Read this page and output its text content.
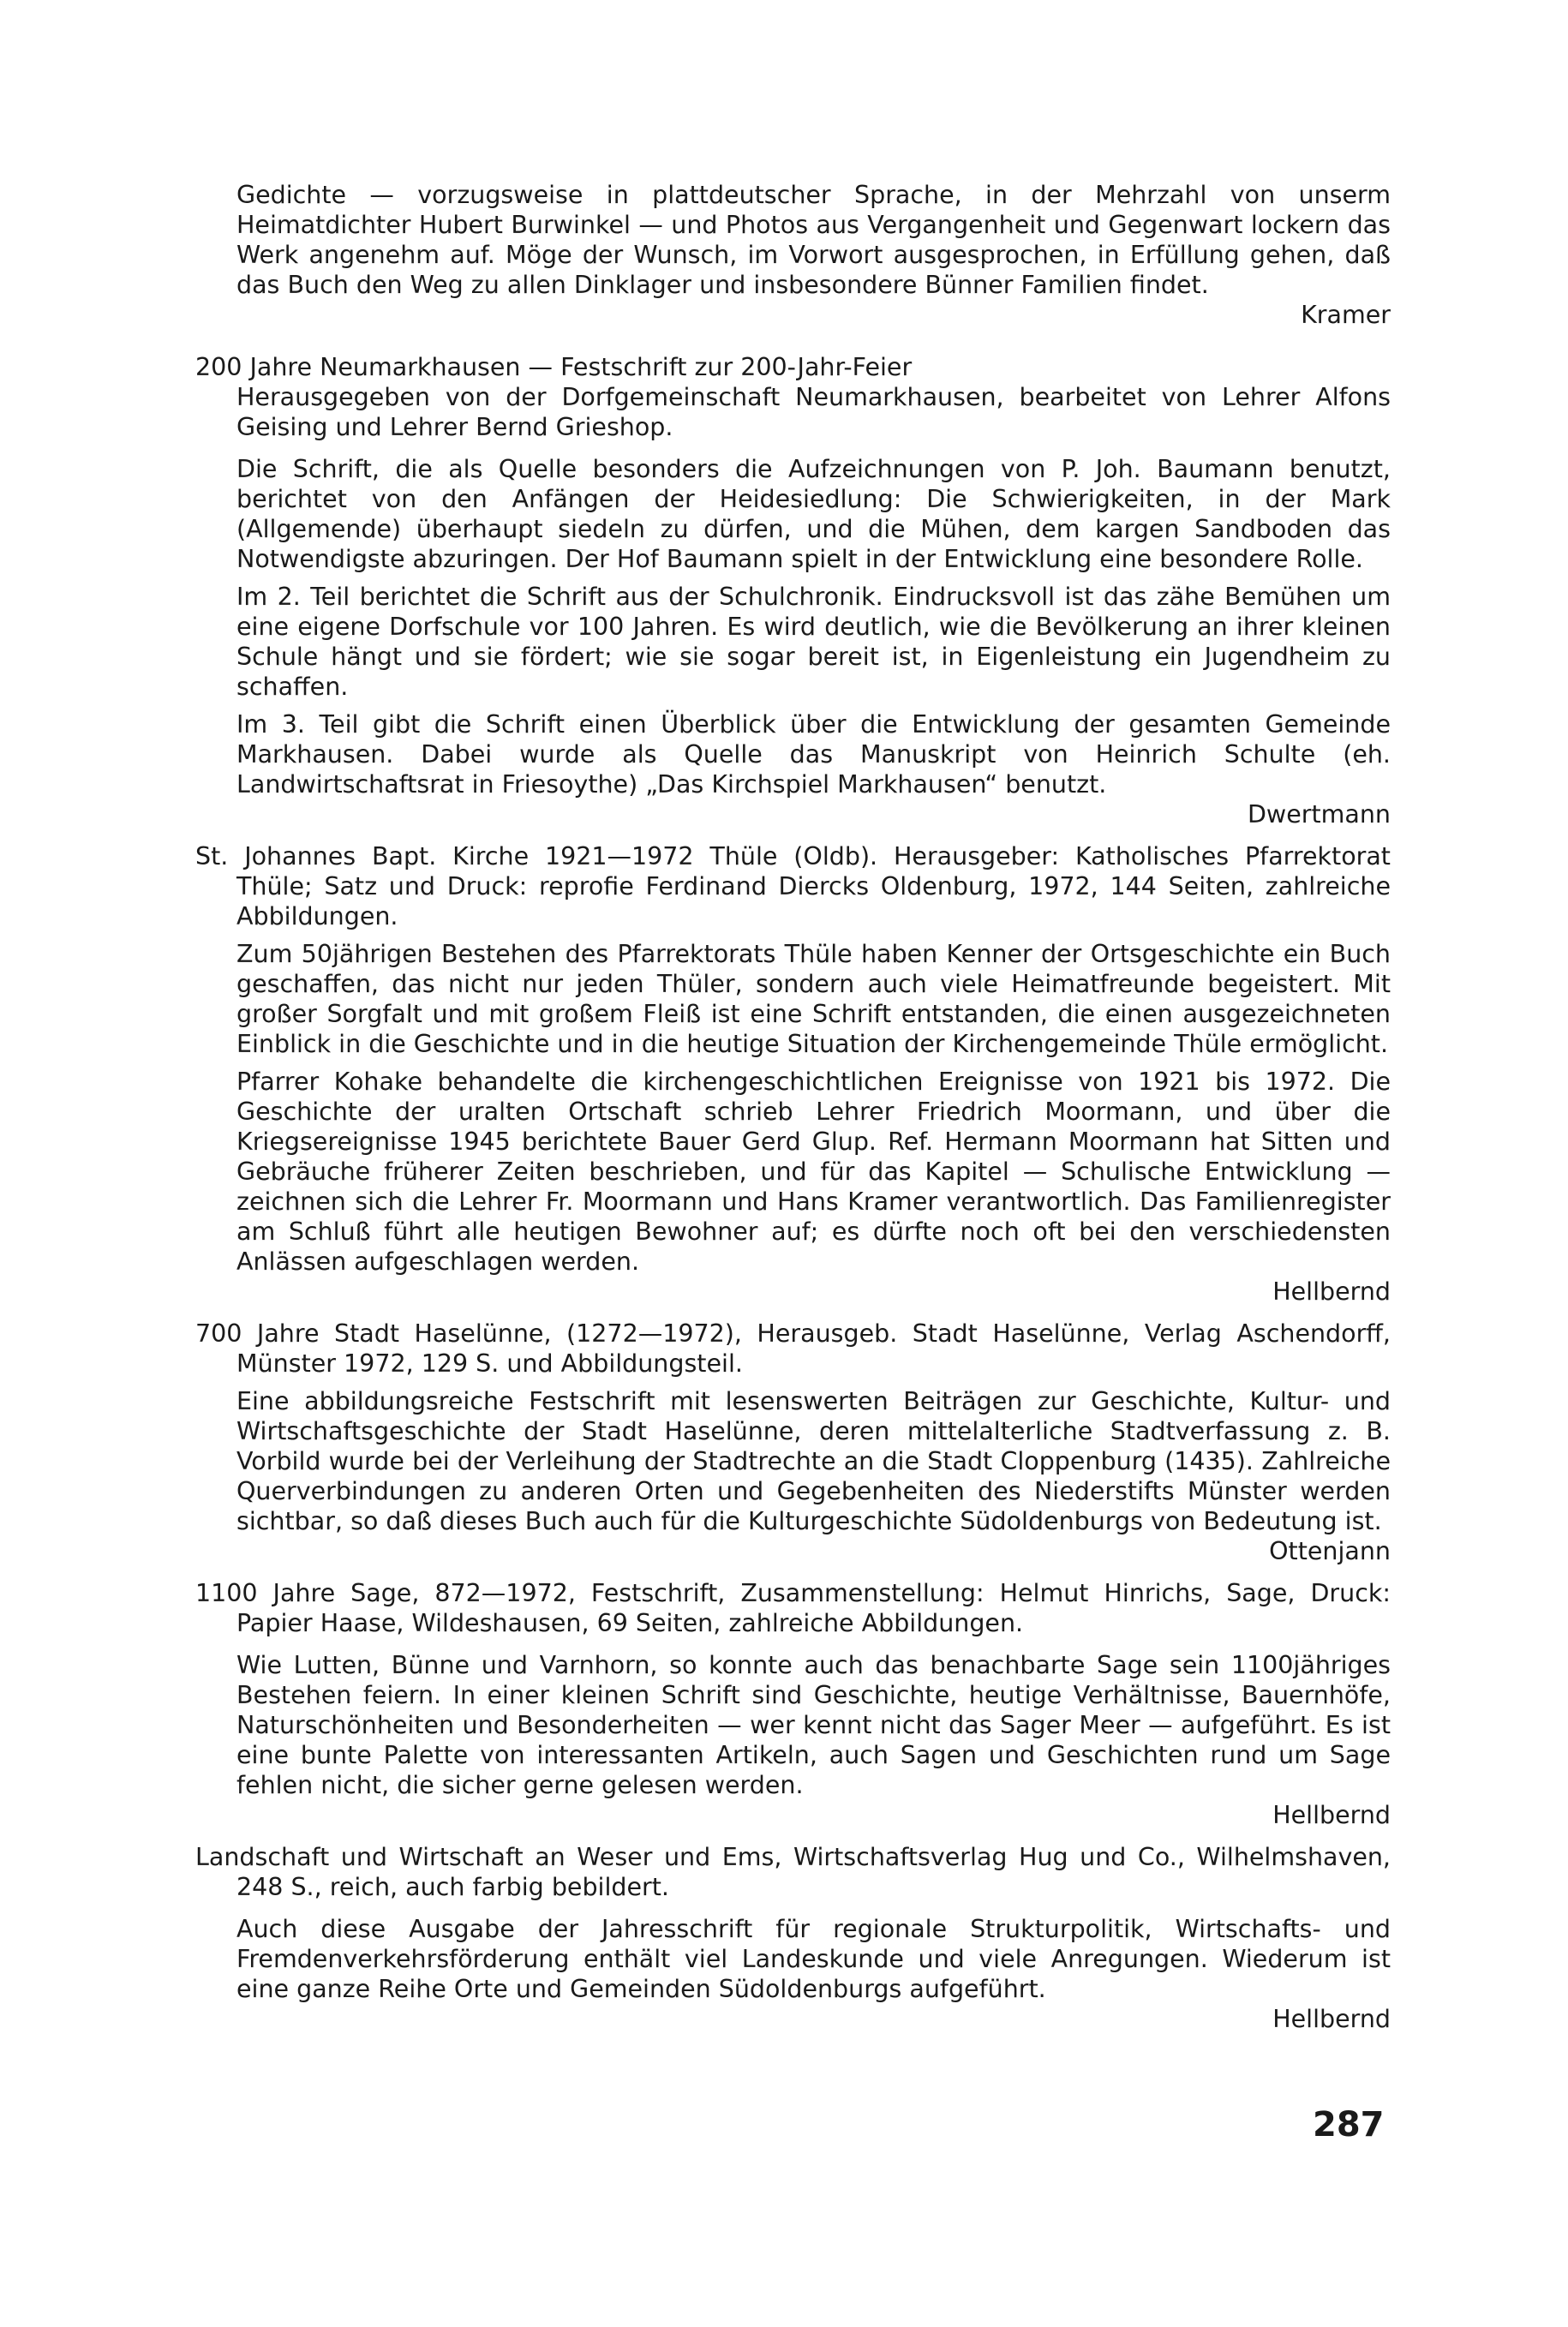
Gedichte — vorzugsweise in plattdeutscher Sprache, in der Mehrzahl von unserm Heimatdichter Hubert Burwinkel — und Photos aus Vergangenheit und Gegenwart lockern das Werk angenehm auf. Möge der Wunsch, im Vorwort ausgesprochen, in Erfüllung gehen, daß das Buch den Weg zu allen Dinklager und insbesondere Bünner Familien findet.

Kramer

200 Jahre Neumarkhausen — Festschrift zur 200-Jahr-Feier

Herausgegeben von der Dorfgemeinschaft Neumarkhausen, bearbeitet von Lehrer Alfons Geising und Lehrer Bernd Grieshop.

Die Schrift, die als Quelle besonders die Aufzeichnungen von P. Joh. Baumann benutzt, berichtet von den Anfängen der Heidesiedlung: Die Schwierigkeiten, in der Mark (Allgemende) überhaupt siedeln zu dürfen, und die Mühen, dem kargen Sandboden das Notwendigste abzuringen. Der Hof Baumann spielt in der Entwicklung eine besondere Rolle.

Im 2. Teil berichtet die Schrift aus der Schulchronik. Eindrucksvoll ist das zähe Bemühen um eine eigene Dorfschule vor 100 Jahren. Es wird deutlich, wie die Bevölkerung an ihrer kleinen Schule hängt und sie fördert; wie sie sogar bereit ist, in Eigenleistung ein Jugendheim zu schaffen.

Im 3. Teil gibt die Schrift einen Überblick über die Entwicklung der gesamten Gemeinde Markhausen. Dabei wurde als Quelle das Manuskript von Heinrich Schulte (eh. Landwirtschaftsrat in Friesoythe) „Das Kirchspiel Markhausen“ benutzt.

Dwertmann

St. Johannes Bapt. Kirche 1921—1972 Thüle (Oldb). Herausgeber: Katholisches Pfarrektorat Thüle; Satz und Druck: reprofie Ferdinand Diercks Oldenburg, 1972, 144 Seiten, zahlreiche Abbildungen.

Zum 50jährigen Bestehen des Pfarrektorats Thüle haben Kenner der Ortsgeschichte ein Buch geschaffen, das nicht nur jeden Thüler, sondern auch viele Heimatfreunde begeistert. Mit großer Sorgfalt und mit großem Fleiß ist eine Schrift entstanden, die einen ausgezeichneten Einblick in die Geschichte und in die heutige Situation der Kirchengemeinde Thüle ermöglicht.

Pfarrer Kohake behandelte die kirchengeschichtlichen Ereignisse von 1921 bis 1972. Die Geschichte der uralten Ortschaft schrieb Lehrer Friedrich Moormann, und über die Kriegsereignisse 1945 berichtete Bauer Gerd Glup. Ref. Hermann Moormann hat Sitten und Gebräuche früherer Zeiten beschrieben, und für das Kapitel — Schulische Entwicklung — zeichnen sich die Lehrer Fr. Moormann und Hans Kramer verantwortlich. Das Familienregister am Schluß führt alle heutigen Bewohner auf; es dürfte noch oft bei den verschiedensten Anlässen aufgeschlagen werden.

Hellbernd

700 Jahre Stadt Haselünne, (1272—1972), Herausgeb. Stadt Haselünne, Verlag Aschendorff, Münster 1972, 129 S. und Abbildungsteil.

Eine abbildungsreiche Festschrift mit lesenswerten Beiträgen zur Geschichte, Kultur- und Wirtschaftsgeschichte der Stadt Haselünne, deren mittelalterliche Stadtverfassung z. B. Vorbild wurde bei der Verleihung der Stadtrechte an die Stadt Cloppenburg (1435). Zahlreiche Querverbindungen zu anderen Orten und Gegebenheiten des Niederstifts Münster werden sichtbar, so daß dieses Buch auch für die Kulturgeschichte Südoldenburgs von Bedeutung ist.

Ottenjann

1100 Jahre Sage, 872—1972, Festschrift, Zusammenstellung: Helmut Hinrichs, Sage, Druck: Papier Haase, Wildeshausen, 69 Seiten, zahlreiche Abbildungen.

Wie Lutten, Bünne und Varnhorn, so konnte auch das benachbarte Sage sein 1100jähriges Bestehen feiern. In einer kleinen Schrift sind Geschichte, heutige Verhältnisse, Bauernhöfe, Naturschönheiten und Besonderheiten — wer kennt nicht das Sager Meer — aufgeführt. Es ist eine bunte Palette von interessanten Artikeln, auch Sagen und Geschichten rund um Sage fehlen nicht, die sicher gerne gelesen werden.

Hellbernd

Landschaft und Wirtschaft an Weser und Ems, Wirtschaftsverlag Hug und Co., Wilhelmshaven, 248 S., reich, auch farbig bebildert.

Auch diese Ausgabe der Jahresschrift für regionale Strukturpolitik, Wirtschafts- und Fremdenverkehrsförderung enthält viel Landeskunde und viele Anregungen. Wiederum ist eine ganze Reihe Orte und Gemeinden Südoldenburgs aufgeführt.

Hellbernd

287
